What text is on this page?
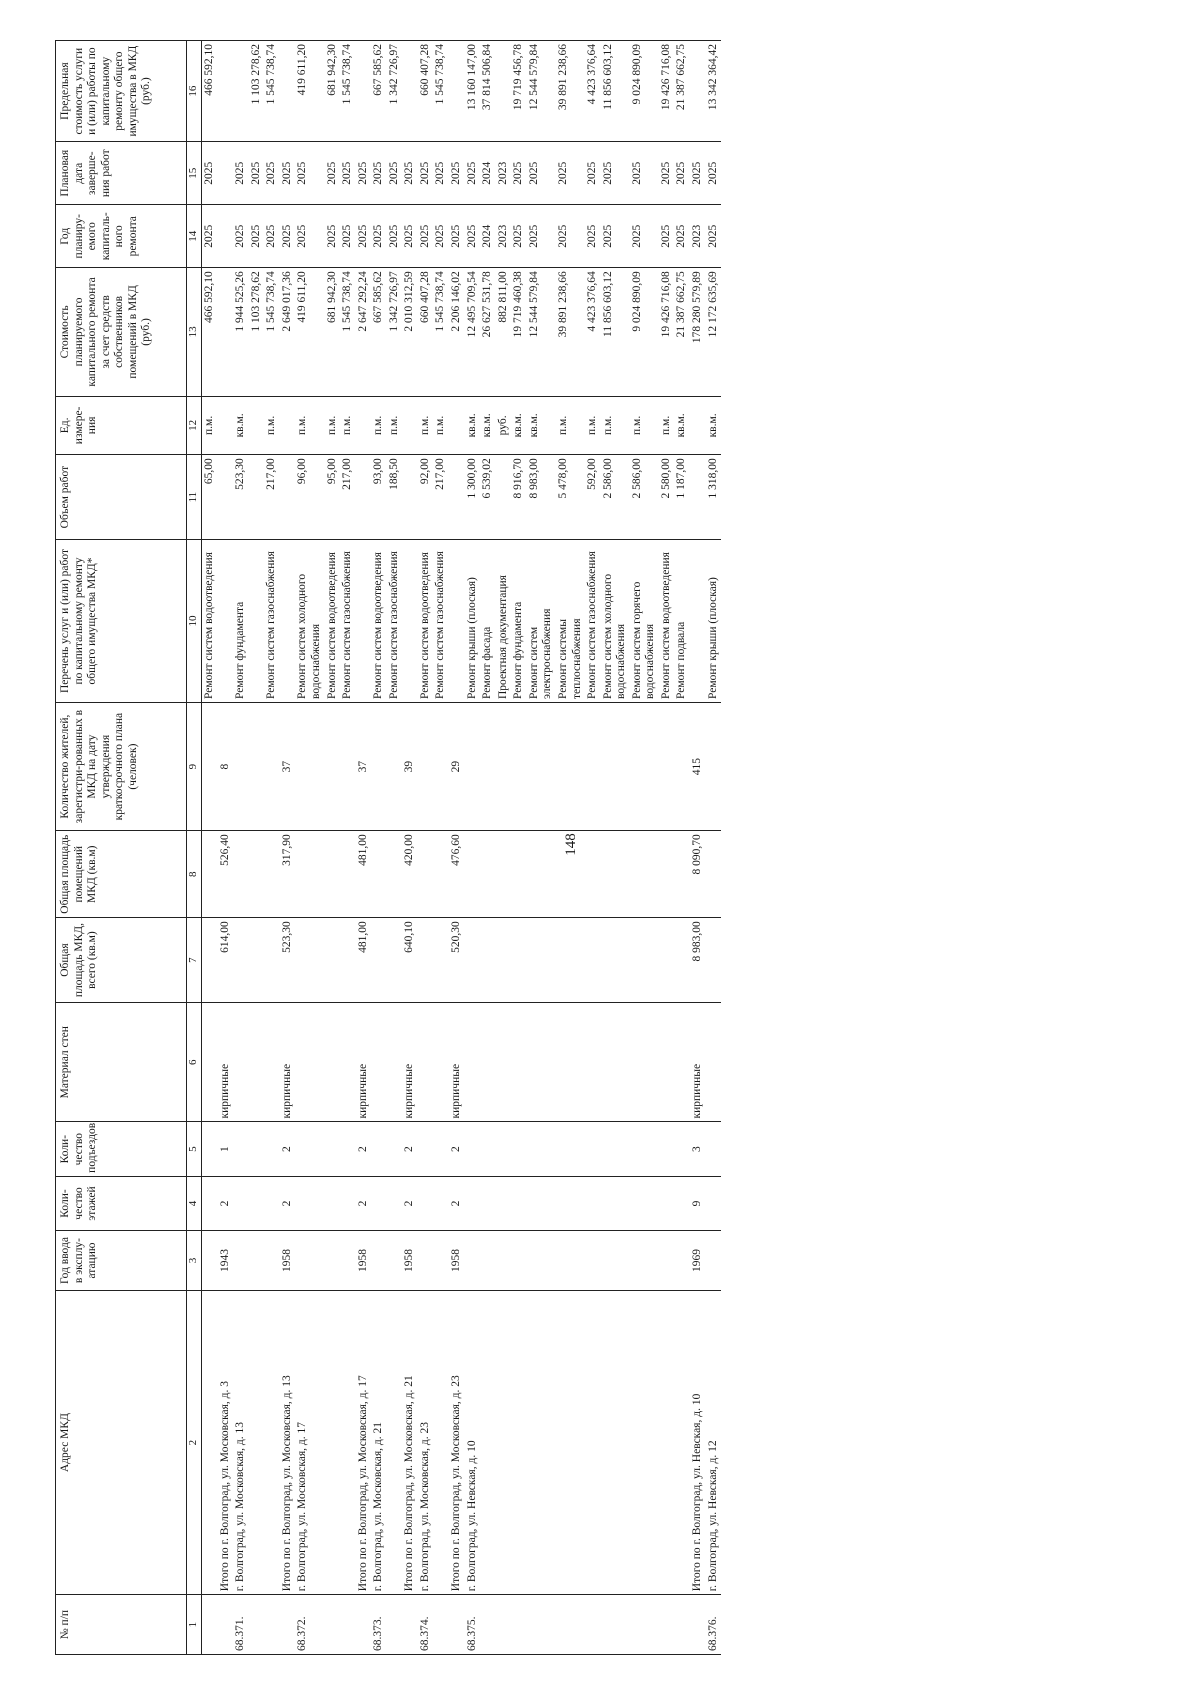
148
№ п/п	Адрес МКД	Год ввода в эксплу-атацию	Коли-чество этажей	Коли-чество подъездов	Материал стен	Общая площадь МКД, всего (кв.м)	Общая площадь помещений МКД (кв.м)	Количество жителей, зарегистри-рованных в МКД на дату утверждения краткосрочного плана (человек)	Перечень услуг и (или) работ по капитальному ремонту общего имущества МКД*	Объем работ	Ед. измере-ния	Стоимость планируемого капитального ремонта за счет средств собственников помещений в МКД (руб.)	Год планиру-емого капиталь-ного ремонта	Плановая дата заверше-ния работ	Предельная стоимость услуги и (или) работы по капитальному ремонту общего имущества в МКД (руб.)
1	2	3	4	5	6	7	8	9	10	11	12	13	14	15	16
									Ремонт систем водоотведения	65,00	п.м.	466 592,10	2025	2025	466 592,10
	Итого по г. Волгоград, ул. Московская, д. 3	1943	2	1	кирпичные	614,00	526,40	8							
68.371.	г. Волгоград, ул. Московская, д. 13								Ремонт фундамента	523,30	кв.м.	1 944 525,26	2025	2025	
												1 103 278,62	2025	2025	1 103 278,62
									Ремонт систем газоснабжения	217,00	п.м.	1 545 738,74	2025	2025	1 545 738,74
	Итого по г. Волгоград, ул. Московская, д. 13	1958	2	2	кирпичные	523,30	317,90	37				2 649 017,36	2025	2025	
68.372.	г. Волгоград, ул. Московская, д. 17								Ремонт систем холодного водоснабжения	96,00	п.м.	419 611,20	2025	2025	419 611,20
									Ремонт систем водоотведения	95,00	п.м.	681 942,30	2025	2025	681 942,30
									Ремонт систем газоснабжения	217,00	п.м.	1 545 738,74	2025	2025	1 545 738,74
	Итого по г. Волгоград, ул. Московская, д. 17	1958	2	2	кирпичные	481,00	481,00	37				2 647 292,24	2025	2025	
68.373.	г. Волгоград, ул. Московская, д. 21								Ремонт систем водоотведения	93,00	п.м.	667 585,62	2025	2025	667 585,62
									Ремонт систем газоснабжения	188,50	п.м.	1 342 726,97	2025	2025	1 342 726,97
	Итого по г. Волгоград, ул. Московская, д. 21	1958	2	2	кирпичные	640,10	420,00	39				2 010 312,59	2025	2025	
68.374.	г. Волгоград, ул. Московская, д. 23								Ремонт систем водоотведения	92,00	п.м.	660 407,28	2025	2025	660 407,28
									Ремонт систем газоснабжения	217,00	п.м.	1 545 738,74	2025	2025	1 545 738,74
	Итого по г. Волгоград, ул. Московская, д. 23	1958	2	2	кирпичные	520,30	476,60	29				2 206 146,02	2025	2025	
68.375.	г. Волгоград, ул. Невская, д. 10								Ремонт крыши (плоская)	1 300,00	кв.м.	12 495 709,54	2025	2025	13 160 147,00
									Ремонт фасада	6 539,02	кв.м.	26 627 531,78	2024	2024	37 814 506,84
									Проектная документация		руб.	882 811,00	2023	2023	
									Ремонт фундамента	8 916,70	кв.м.	19 719 460,38	2025	2025	19 719 456,78
									Ремонт систем электроснабжения	8 983,00	кв.м.	12 544 579,84	2025	2025	12 544 579,84
									Ремонт системы теплоснабжения	5 478,00	п.м.	39 891 238,66	2025	2025	39 891 238,66
									Ремонт систем газоснабжения	592,00	п.м.	4 423 376,64	2025	2025	4 423 376,64
									Ремонт систем холодного водоснабжения	2 586,00	п.м.	11 856 603,12	2025	2025	11 856 603,12
									Ремонт систем горячего водоснабжения	2 586,00	п.м.	9 024 890,09	2025	2025	9 024 890,09
									Ремонт систем водоотведения	2 580,00	п.м.	19 426 716,08	2025	2025	19 426 716,08
									Ремонт подвала	1 187,00	кв.м.	21 387 662,75	2025	2025	21 387 662,75
	Итого по г. Волгоград, ул. Невская, д. 10	1969	9	3	кирпичные	8 983,00	8 090,70	415				178 280 579,89	2023	2025	
68.376.	г. Волгоград, ул. Невская, д. 12								Ремонт крыши (плоская)	1 318,00	кв.м.	12 172 635,69	2025	2025	13 342 364,42
